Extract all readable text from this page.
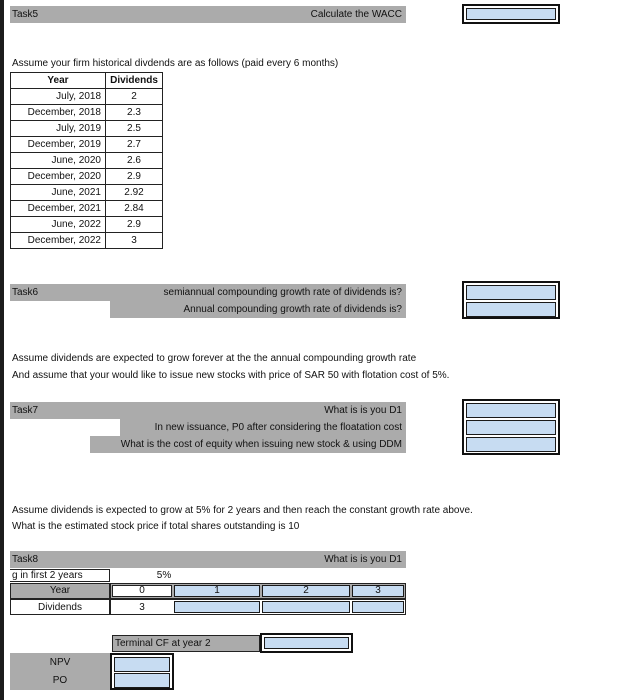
Task5	Calculate the WACC
Assume your firm historical divdends are as follows (paid every 6 months)
Year	Dividends
July, 2018	2
December, 2018	2.3
July, 2019	2.5
December, 2019	2.7
June, 2020	2.6
December, 2020	2.9
June, 2021	2.92
December, 2021	2.84
June, 2022	2.9
December, 2022	3
Task6	semiannual compounding growth rate of dividends is?
Annual compounding growth rate of dividends is?
Assume dividends are expected to grow forever at the the annual compounding growth rate
And assume that your would like to issue new stocks with price of SAR 50 with flotation cost of 5%.
Task7	What is is you D1
In new issuance, P0 after considering the floatation cost
What is the cost of equity when issuing new stock & using DDM
Assume dividends is expected to grow at 5% for 2 years and then reach the constant growth rate above.
What is the estimated stock price if total shares outstanding is 10
Task8	What is is you D1
g in first 2 years	5%
Year	0	1	2	3
Dividends	3
Terminal CF at year 2
NPV
PO
